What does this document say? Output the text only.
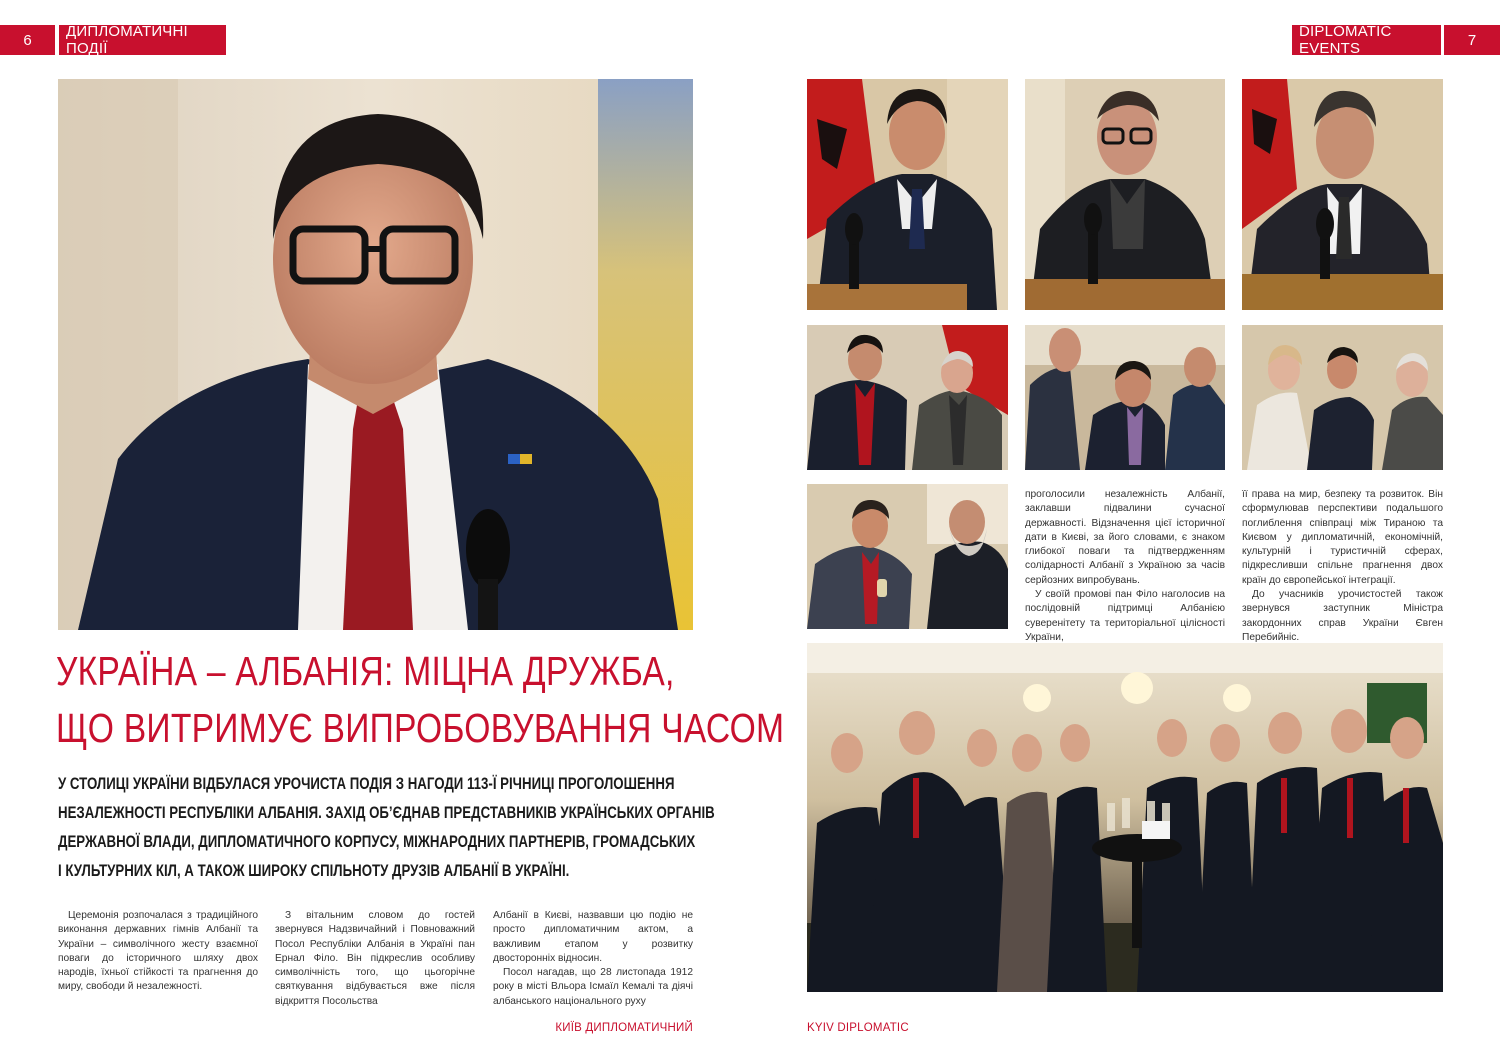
6	ДИПЛОМАТИЧНІ ПОДІЇ
DIPLOMATIC EVENTS	7
УКРАЇНА – АЛБАНІЯ: МІЦНА ДРУЖБА,
ЩО ВИТРИМУЄ ВИПРОБОВУВАННЯ ЧАСОМ
У СТОЛИЦІ УКРАЇНИ ВІДБУЛАСЯ УРОЧИСТА ПОДІЯ З НАГОДИ 113-Ї РІЧНИЦІ ПРОГОЛОШЕННЯ
НЕЗАЛЕЖНОСТІ РЕСПУБЛІКИ АЛБАНІЯ. ЗАХІД ОБ’ЄДНАВ ПРЕДСТАВНИКІВ УКРАЇНСЬКИХ ОРГАНІВ
ДЕРЖАВНОЇ ВЛАДИ, ДИПЛОМАТИЧНОГО КОРПУСУ, МІЖНАРОДНИХ ПАРТНЕРІВ, ГРОМАДСЬКИХ
І КУЛЬТУРНИХ КІЛ, А ТАКОЖ ШИРОКУ СПІЛЬНОТУ ДРУЗІВ АЛБАНІЇ В УКРАЇНІ.

Церемонія розпочалася з традиційного виконання державних гімнів Албанії та України – символічного жесту взаємної поваги до історичного шляху двох народів, їхньої стійкості та прагнення до миру, свободи й незалежності.

З вітальним словом до гостей звернувся Надзвичайний і Повноважний Посол Республіки Албанія в Україні пан Ернал Філо. Він підкреслив особливу символічність того, що цьогорічне святкування відбувається вже після відкриття Посольства

Албанії в Києві, назвавши цю подію не просто дипломатичним актом, а важливим етапом у розвитку двосторонніх відносин.

Посол нагадав, що 28 листопада 1912 року в місті Вльора Ісмаїл Кемалі та діячі албанського національного руху

КИЇВ ДИПЛОМАТИЧНИЙ	KYIV DIPLOMATIC

проголосили незалежність Албанії, заклавши підвалини сучасної державності. Відзначення цієї історичної дати в Києві, за його словами, є знаком глибокої поваги та підтвердженням солідарності Албанії з Україною за часів серйозних випробувань.

У своїй промові пан Філо наголосив на послідовній підтримці Албанією суверенітету та територіальної цілісності України,

її права на мир, безпеку та розвиток. Він сформулював перспективи подальшого поглиблення співпраці між Тираною та Києвом у дипломатичній, економічній, культурній і туристичній сферах, підкресливши спільне прагнення двох країн до європейської інтеграції.

До учасників урочистостей також звернувся заступник Міністра закордонних справ України Євген Перебийніс.
